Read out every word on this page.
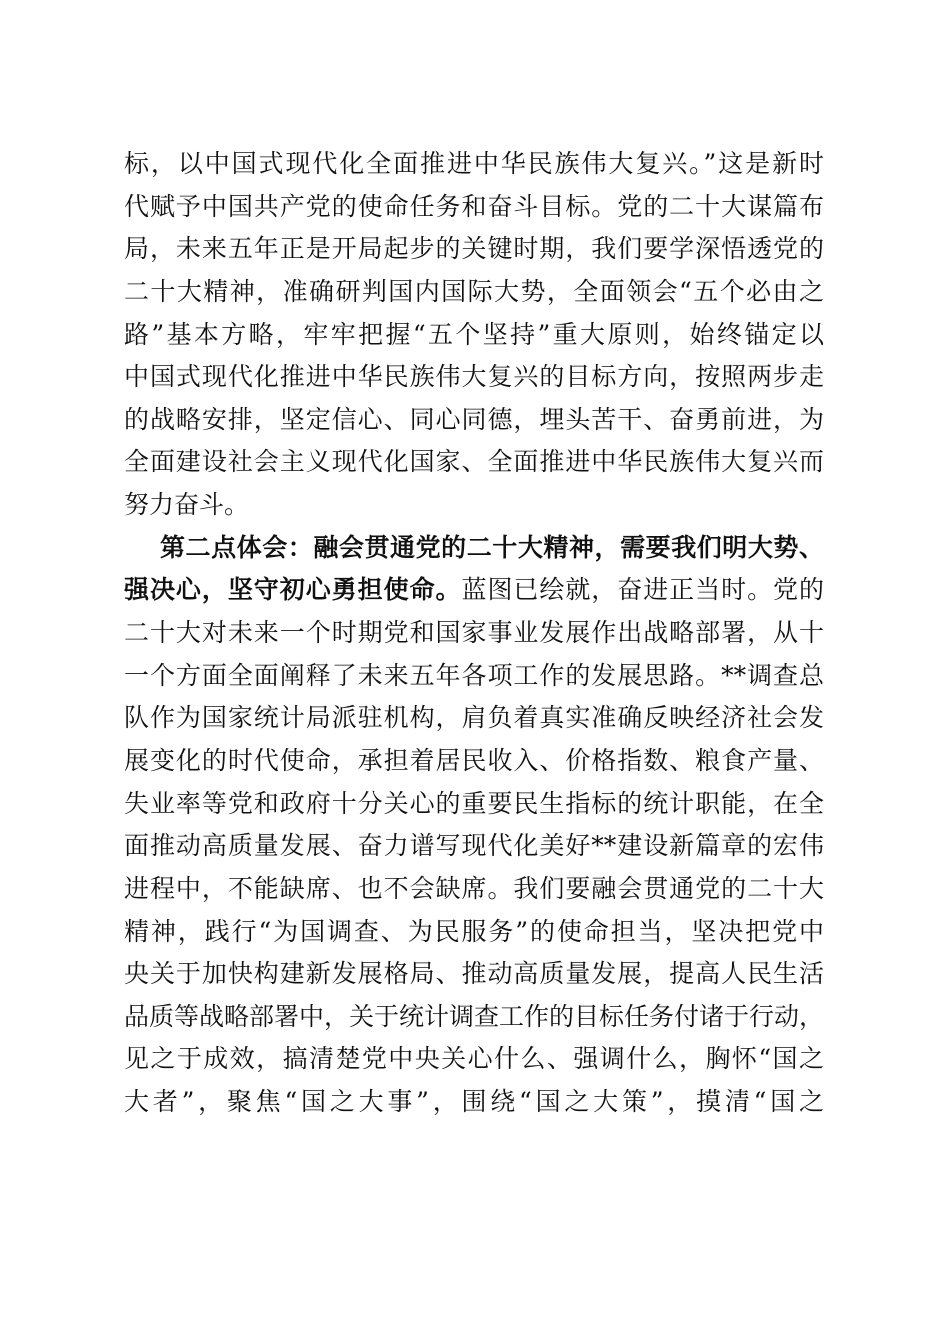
标，以中国式现代化全面推进中华民族伟大复兴。”这是新时
代赋予中国共产党的使命任务和奋斗目标。党的二十大谋篇布
局，未来五年正是开局起步的关键时期，我们要学深悟透党的
二十大精神，准确研判国内国际大势，全面领会“五个必由之
路”基本方略，牢牢把握“五个坚持”重大原则，始终锚定以
中国式现代化推进中华民族伟大复兴的目标方向，按照两步走
的战略安排，坚定信心、同心同德，埋头苦干、奋勇前进，为
全面建设社会主义现代化国家、全面推进中华民族伟大复兴而
努力奋斗。
第二点体会：融会贯通党的二十大精神，需要我们明大势、
强决心，坚守初心勇担使命。蓝图已绘就，奋进正当时。党的
二十大对未来一个时期党和国家事业发展作出战略部署，从十
一个方面全面阐释了未来五年各项工作的发展思路。**调查总
队作为国家统计局派驻机构，肩负着真实准确反映经济社会发
展变化的时代使命，承担着居民收入、价格指数、粮食产量、
失业率等党和政府十分关心的重要民生指标的统计职能，在全
面推动高质量发展、奋力谱写现代化美好**建设新篇章的宏伟
进程中，不能缺席、也不会缺席。我们要融会贯通党的二十大
精神，践行“为国调查、为民服务”的使命担当，坚决把党中
央关于加快构建新发展格局、推动高质量发展，提高人民生活
品质等战略部署中，关于统计调查工作的目标任务付诸于行动，
见之于成效，搞清楚党中央关心什么、强调什么，胸怀“国之
大者”，聚焦“国之大事”，围绕“国之大策”，摸清“国之
